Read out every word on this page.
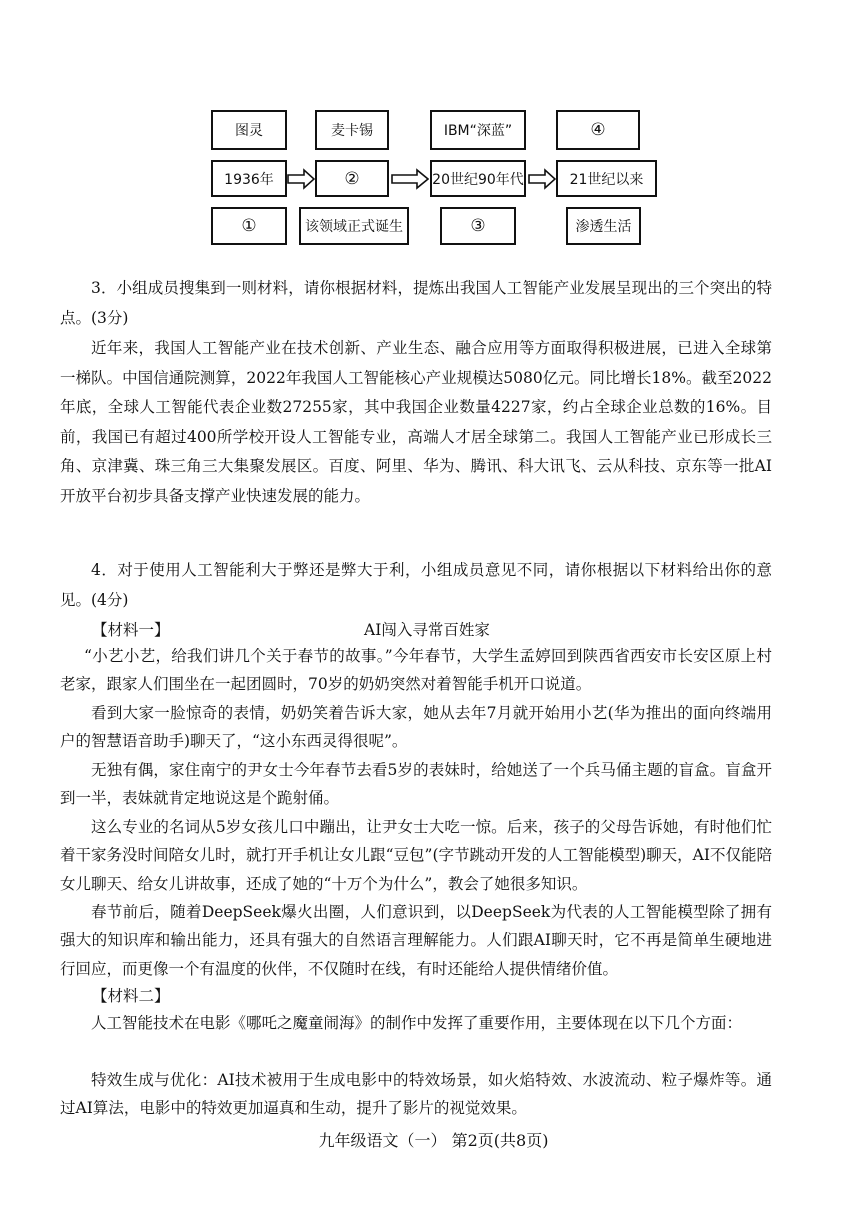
图灵	麦卡锡	IBM“深蓝”	④
1936年	②	20世纪90年代	21世纪以来
①	该领域正式诞生	③	渗透生活
3．小组成员搜集到一则材料，请你根据材料，提炼出我国人工智能产业发展呈现出的三个突出的特点。(3分)
近年来，我国人工智能产业在技术创新、产业生态、融合应用等方面取得积极进展，已进入全球第一梯队。中国信通院测算，2022年我国人工智能核心产业规模达5080亿元。同比增长18%。截至2022年底，全球人工智能代表企业数27255家，其中我国企业数量4227家，约占全球企业总数的16%。目前，我国已有超过400所学校开设人工智能专业，高端人才居全球第二。我国人工智能产业已形成长三角、京津冀、珠三角三大集聚发展区。百度、阿里、华为、腾讯、科大讯飞、云从科技、京东等一批AI开放平台初步具备支撑产业快速发展的能力。
4．对于使用人工智能利大于弊还是弊大于利，小组成员意见不同，请你根据以下材料给出你的意见。(4分)
【材料一】	AI闯入寻常百姓家
“小艺小艺，给我们讲几个关于春节的故事。”今年春节，大学生孟婷回到陕西省西安市长安区原上村老家，跟家人们围坐在一起团圆时，70岁的奶奶突然对着智能手机开口说道。
看到大家一脸惊奇的表情，奶奶笑着告诉大家，她从去年7月就开始用小艺(华为推出的面向终端用户的智慧语音助手)聊天了，“这小东西灵得很呢”。
无独有偶，家住南宁的尹女士今年春节去看5岁的表妹时，给她送了一个兵马俑主题的盲盒。盲盒开到一半，表妹就肯定地说这是个跪射俑。
这么专业的名词从5岁女孩儿口中蹦出，让尹女士大吃一惊。后来，孩子的父母告诉她，有时他们忙着干家务没时间陪女儿时，就打开手机让女儿跟“豆包”(字节跳动开发的人工智能模型)聊天，AI不仅能陪女儿聊天、给女儿讲故事，还成了她的“十万个为什么”，教会了她很多知识。
春节前后，随着DeepSeek爆火出圈，人们意识到，以DeepSeek为代表的人工智能模型除了拥有强大的知识库和输出能力，还具有强大的自然语言理解能力。人们跟AI聊天时，它不再是简单生硬地进行回应，而更像一个有温度的伙伴，不仅随时在线，有时还能给人提供情绪价值。
【材料二】
人工智能技术在电影《哪吒之魔童闹海》的制作中发挥了重要作用，主要体现在以下几个方面：
特效生成与优化：AI技术被用于生成电影中的特效场景，如火焰特效、水波流动、粒子爆炸等。通过AI算法，电影中的特效更加逼真和生动，提升了影片的视觉效果。
九年级语文（一） 第2页(共8页)
